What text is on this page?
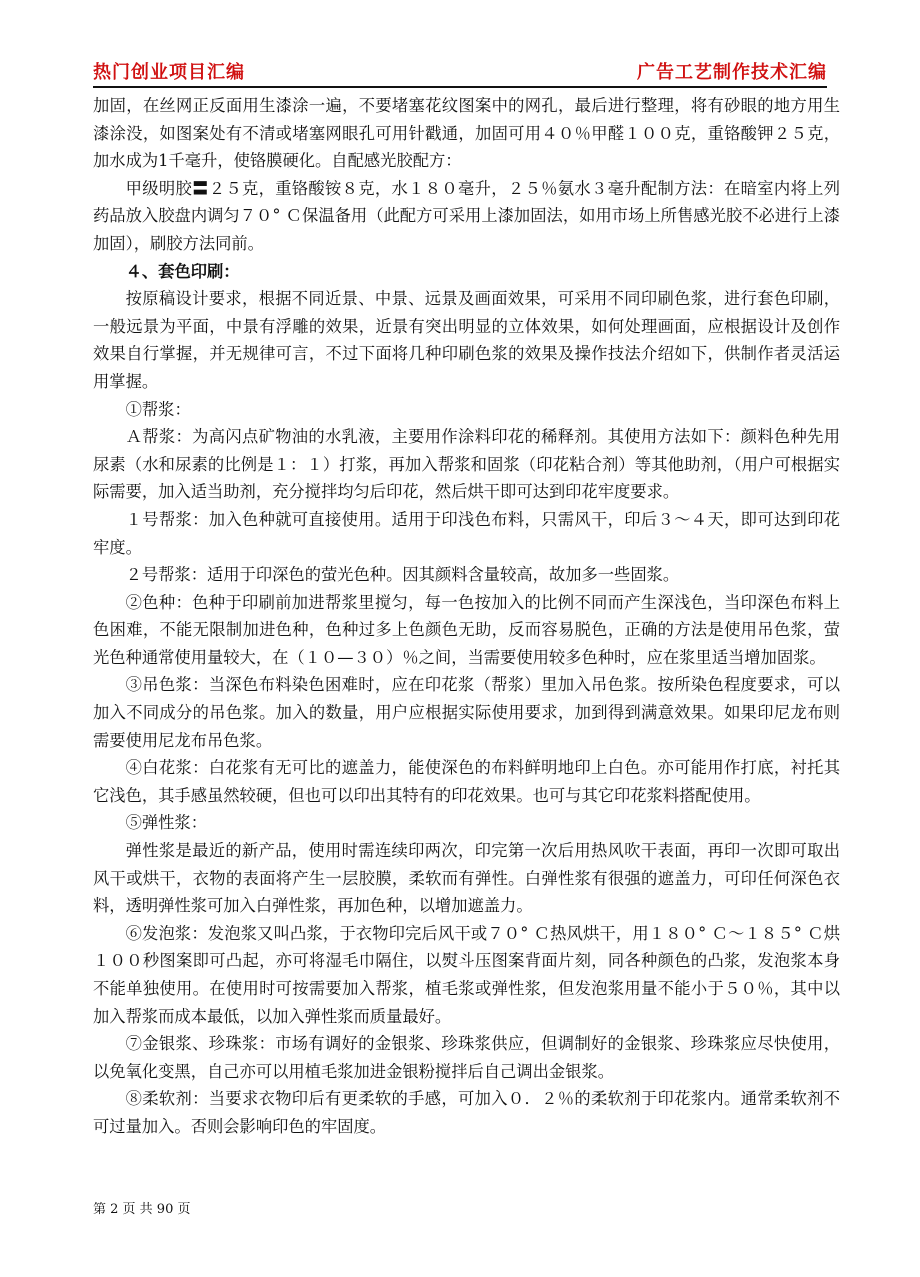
热门创业项目汇编	广告工艺制作技术汇编

加固，在丝网正反面用生漆涂一遍，不要堵塞花纹图案中的网孔，最后进行整理，将有砂眼的地方用生漆涂没，如图案处有不清或堵塞网眼孔可用针戳通，加固可用４０％甲醛１００克，重铬酸钾２５克，加水成为1千毫升，使铬膜硬化。自配感光胶配方：

甲级明胶〓２５克，重铬酸铵８克，水１８０毫升，２５％氨水３毫升配制方法：在暗室内将上列药品放入胶盘内调匀７０° Ｃ保温备用（此配方可采用上漆加固法，如用市场上所售感光胶不必进行上漆加固），刷胶方法同前。

４、套色印刷：

按原稿设计要求，根据不同近景、中景、远景及画面效果，可采用不同印刷色浆，进行套色印刷，一般远景为平面，中景有浮雕的效果，近景有突出明显的立体效果，如何处理画面，应根据设计及创作效果自行掌握，并无规律可言，不过下面将几种印刷色浆的效果及操作技法介绍如下，供制作者灵活运用掌握。

①帮浆：

Ａ帮浆：为高闪点矿物油的水乳液，主要用作涂料印花的稀释剂。其使用方法如下：颜料色种先用尿素（水和尿素的比例是１：１）打浆，再加入帮浆和固浆（印花粘合剂）等其他助剂，（用户可根据实际需要，加入适当助剂，充分搅拌均匀后印花，然后烘干即可达到印花牢度要求。

１号帮浆：加入色种就可直接使用。适用于印浅色布料，只需风干，印后３～４天，即可达到印花牢度。

２号帮浆：适用于印深色的萤光色种。因其颜料含量较高，故加多一些固浆。

②色种：色种于印刷前加进帮浆里搅匀，每一色按加入的比例不同而产生深浅色，当印深色布料上色困难，不能无限制加进色种，色种过多上色颜色无助，反而容易脱色，正确的方法是使用吊色浆，萤光色种通常使用量较大，在（１０—３０）％之间，当需要使用较多色种时，应在浆里适当增加固浆。

③吊色浆：当深色布料染色困难时，应在印花浆（帮浆）里加入吊色浆。按所染色程度要求，可以加入不同成分的吊色浆。加入的数量，用户应根据实际使用要求，加到得到满意效果。如果印尼龙布则需要使用尼龙布吊色浆。

④白花浆：白花浆有无可比的遮盖力，能使深色的布料鲜明地印上白色。亦可能用作打底，衬托其它浅色，其手感虽然较硬，但也可以印出其特有的印花效果。也可与其它印花浆料搭配使用。

⑤弹性浆：

弹性浆是最近的新产品，使用时需连续印两次，印完第一次后用热风吹干表面，再印一次即可取出风干或烘干，衣物的表面将产生一层胶膜，柔软而有弹性。白弹性浆有很强的遮盖力，可印任何深色衣料，透明弹性浆可加入白弹性浆，再加色种，以增加遮盖力。

⑥发泡浆：发泡浆又叫凸浆，于衣物印完后风干或７０° Ｃ热风烘干，用１８０° Ｃ～１８５° Ｃ烘１００秒图案即可凸起，亦可将湿毛巾隔住，以熨斗压图案背面片刻，同各种颜色的凸浆，发泡浆本身不能单独使用。在使用时可按需要加入帮浆，植毛浆或弹性浆，但发泡浆用量不能小于５０％，其中以加入帮浆而成本最低，以加入弹性浆而质量最好。

⑦金银浆、珍珠浆：市场有调好的金银浆、珍珠浆供应，但调制好的金银浆、珍珠浆应尽快使用，以免氧化变黑，自己亦可以用植毛浆加进金银粉搅拌后自己调出金银浆。

⑧柔软剂：当要求衣物印后有更柔软的手感，可加入０．２％的柔软剂于印花浆内。通常柔软剂不可过量加入。否则会影响印色的牢固度。

第 2 页 共 90 页
